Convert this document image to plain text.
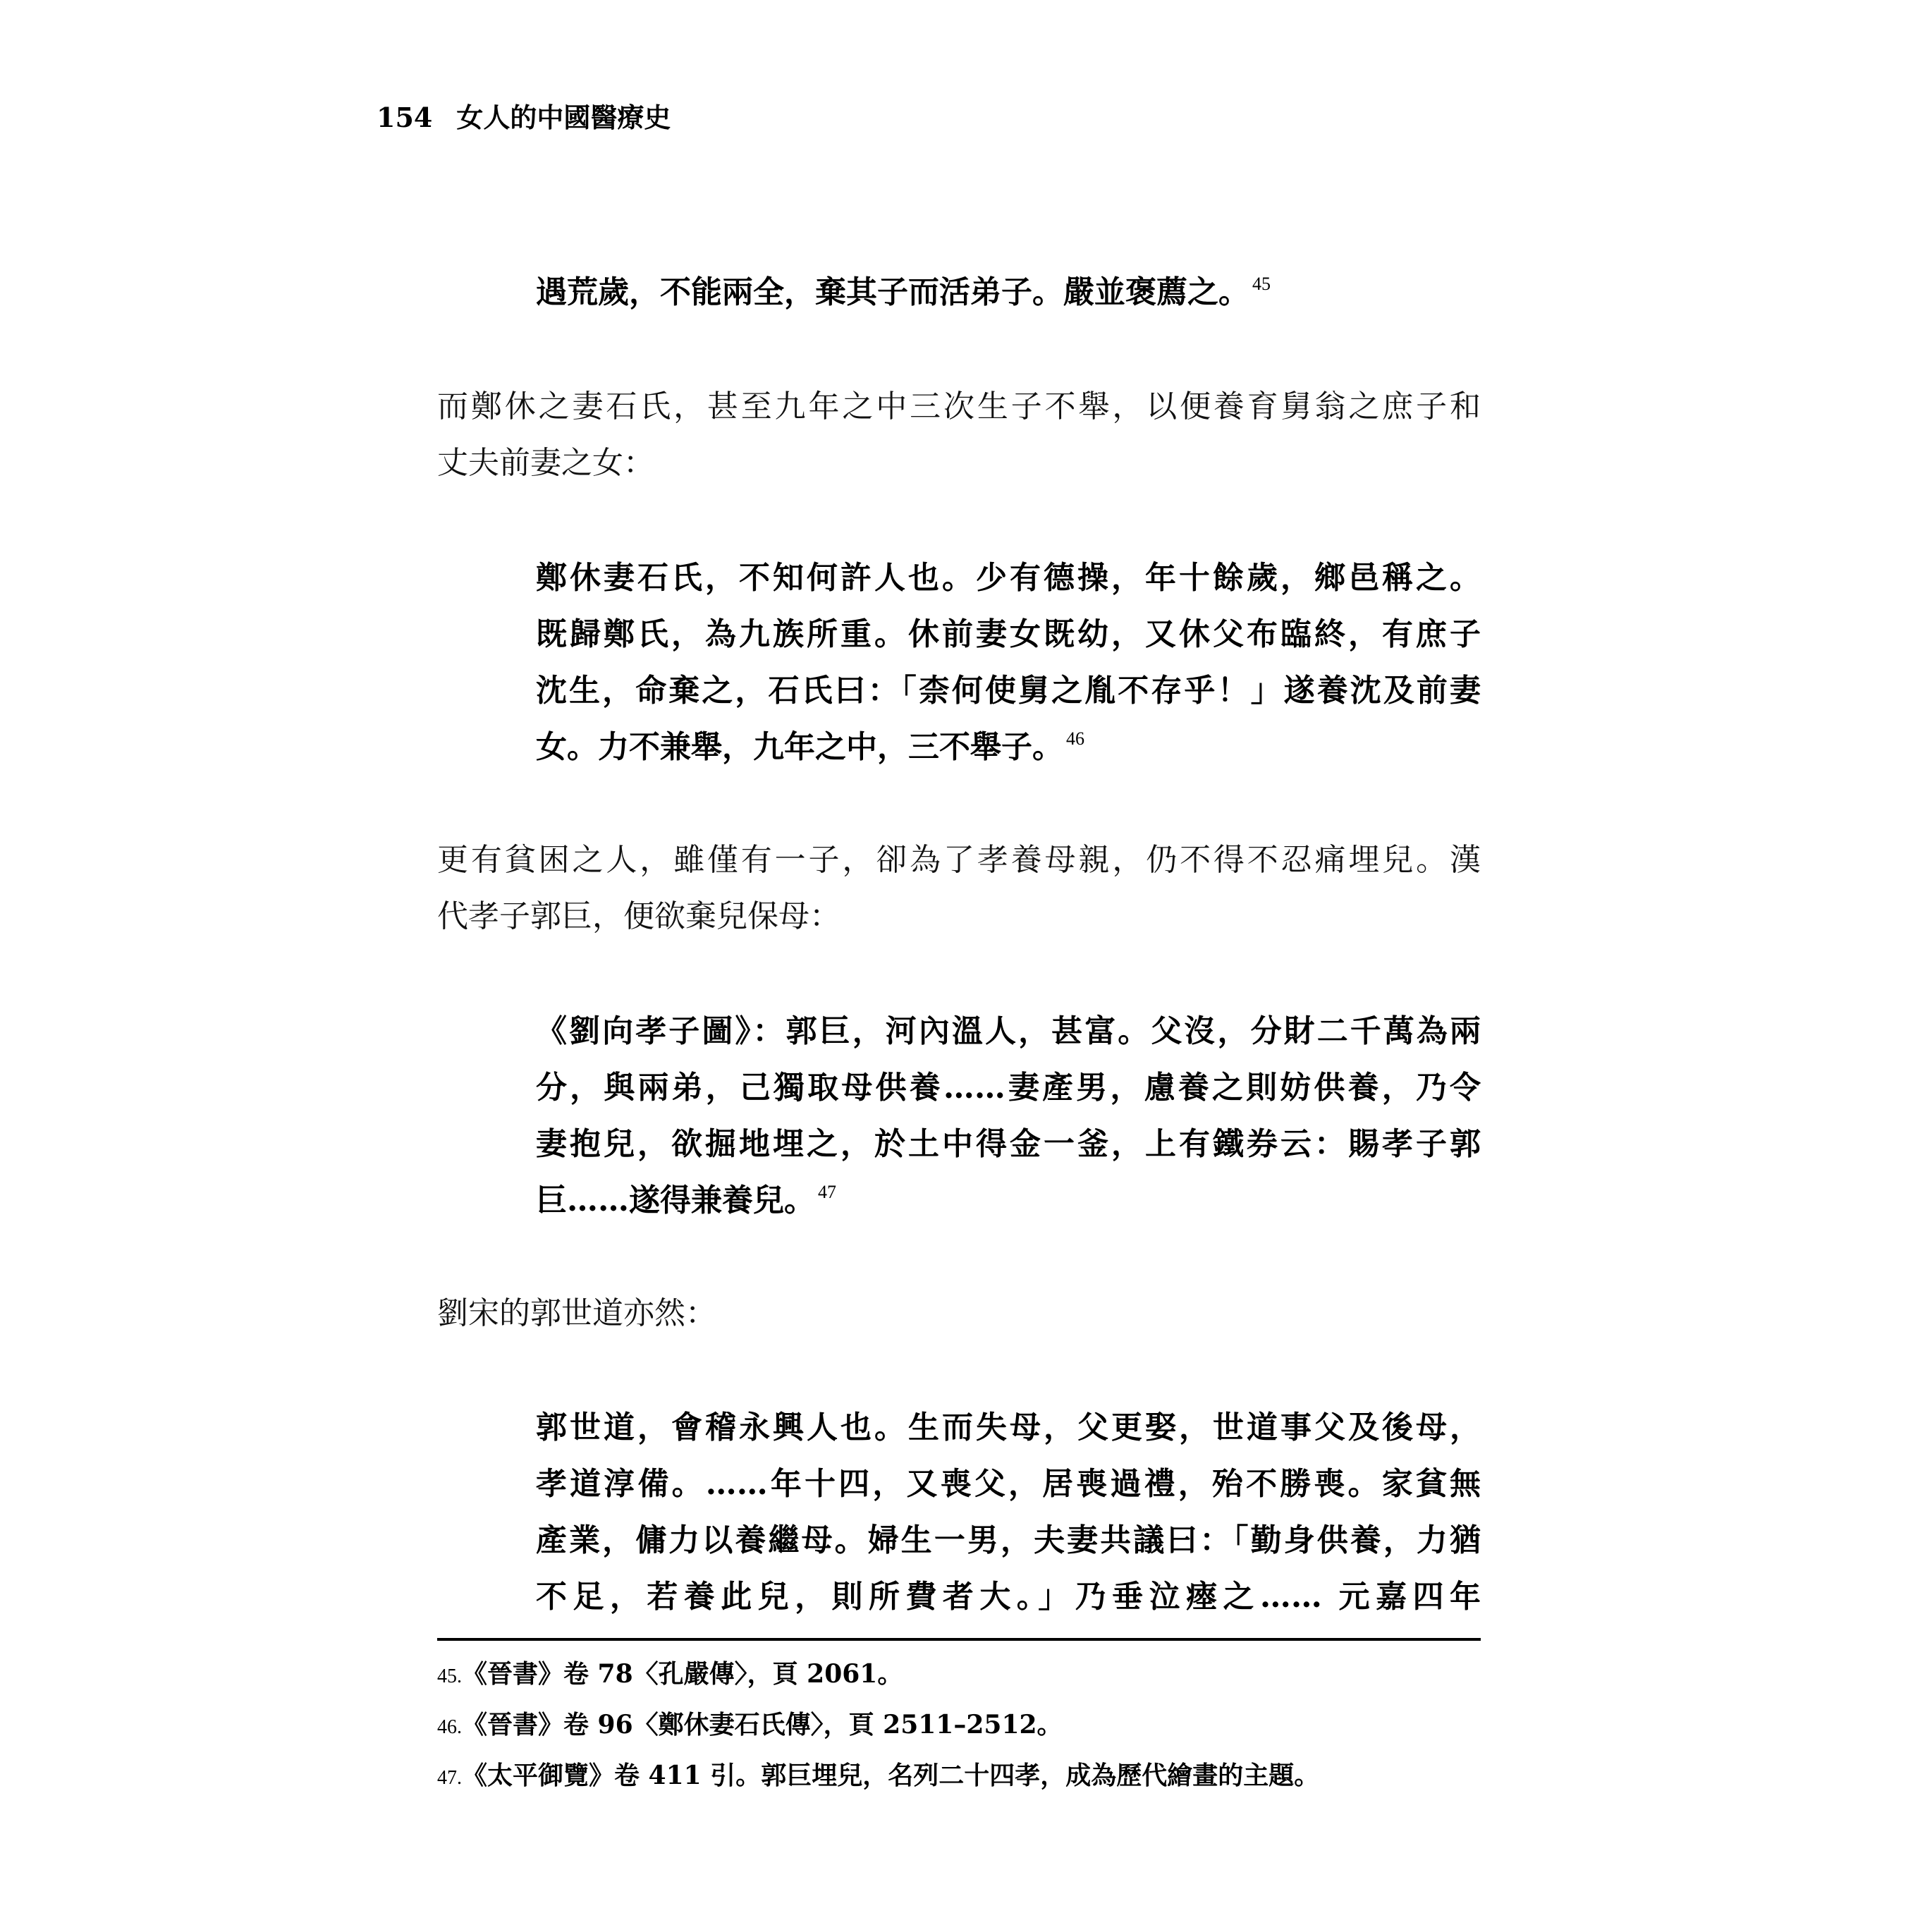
154 女人的中國醫療史
遇荒歲，不能兩全，棄其子而活弟子。嚴並褒薦之。 $^{45}$
而鄭休之妻石氏，甚至九年之中三次生子不舉，以便養育舅翁之庶子和
丈夫前妻之女：
鄭休妻石氏，不知何許人也。少有德操，年十餘歲，鄉邑稱之。
既歸鄭氏，為九族所重。休前妻女既幼，又休父布臨終，有庶子
沈生，命棄之，石氏曰：「柰何使舅之胤不存乎！」遂養沈及前妻
女。力不兼舉，九年之中，三不舉子。 $^{46}$
更有貧困之人，雖僅有一子，卻為了孝養母親，仍不得不忍痛埋兒。漢
代孝子郭巨，便欲棄兒保母：
《劉向孝子圖》：郭巨，河內溫人，甚富。父沒，分財二千萬為兩
分，與兩弟，己獨取母供養……妻產男，慮養之則妨供養，乃令
妻抱兒，欲掘地埋之，於土中得金一釜，上有鐵券云：賜孝子郭
巨……遂得兼養兒。 $^{47}$
劉宋的郭世道亦然：
郭世道，會稽永興人也。生而失母，父更娶，世道事父及後母，
孝道淳備。……年十四，又喪父，居喪過禮，殆不勝喪。家貧無
產業，傭力以養繼母。婦生一男，夫妻共議曰：「勤身供養，力猶
不足，若養此兒，則所費者大。」乃垂泣瘞之…… 元嘉四年
45.《晉書》卷 78〈孔嚴傳〉，頁 2061。
46.《晉書》卷 96〈鄭休妻石氏傳〉，頁 2511–2512。
47.《太平御覽》卷 411 引。郭巨埋兒，名列二十四孝，成為歷代繪畫的主題。
